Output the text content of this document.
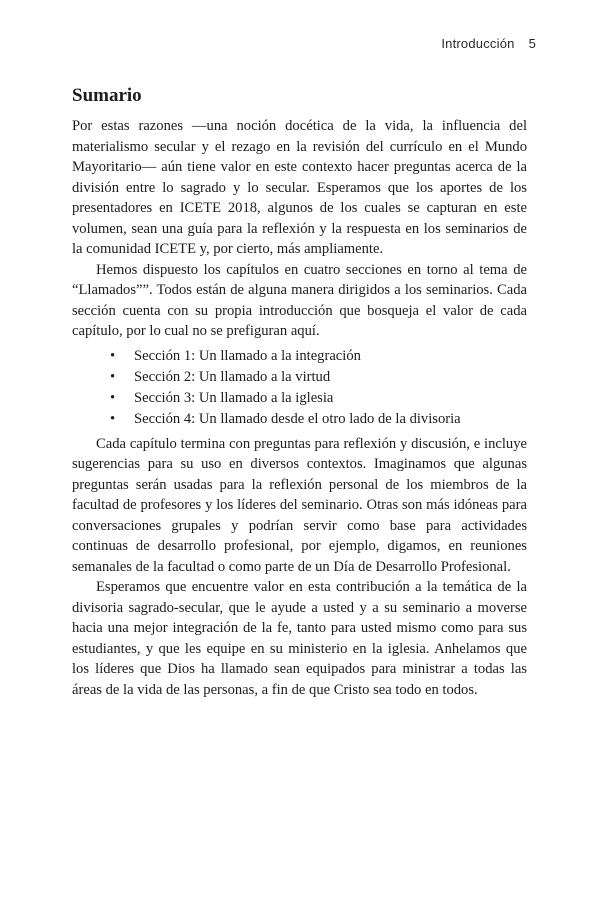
Introducción 5
Sumario

Por estas razones —una noción docética de la vida, la influencia del materialismo secular y el rezago en la revisión del currículo en el Mundo Mayoritario— aún tiene valor en este contexto hacer preguntas acerca de la división entre lo sagrado y lo secular. Esperamos que los aportes de los presentadores en ICETE 2018, algunos de los cuales se capturan en este volumen, sean una guía para la reflexión y la respuesta en los seminarios de la comunidad ICETE y, por cierto, más ampliamente.

Hemos dispuesto los capítulos en cuatro secciones en torno al tema de “Llamados””. Todos están de alguna manera dirigidos a los seminarios. Cada sección cuenta con su propia introducción que bosqueja el valor de cada capítulo, por lo cual no se prefiguran aquí.

• Sección 1: Un llamado a la integración
• Sección 2: Un llamado a la virtud
• Sección 3: Un llamado a la iglesia
• Sección 4: Un llamado desde el otro lado de la divisoria

Cada capítulo termina con preguntas para reflexión y discusión, e incluye sugerencias para su uso en diversos contextos. Imaginamos que algunas preguntas serán usadas para la reflexión personal de los miembros de la facultad de profesores y los líderes del seminario. Otras son más idóneas para conversaciones grupales y podrían servir como base para actividades continuas de desarrollo profesional, por ejemplo, digamos, en reuniones semanales de la facultad o como parte de un Día de Desarrollo Profesional.

Esperamos que encuentre valor en esta contribución a la temática de la divisoria sagrado-secular, que le ayude a usted y a su seminario a moverse hacia una mejor integración de la fe, tanto para usted mismo como para sus estudiantes, y que les equipe en su ministerio en la iglesia. Anhelamos que los líderes que Dios ha llamado sean equipados para ministrar a todas las áreas de la vida de las personas, a fin de que Cristo sea todo en todos.
